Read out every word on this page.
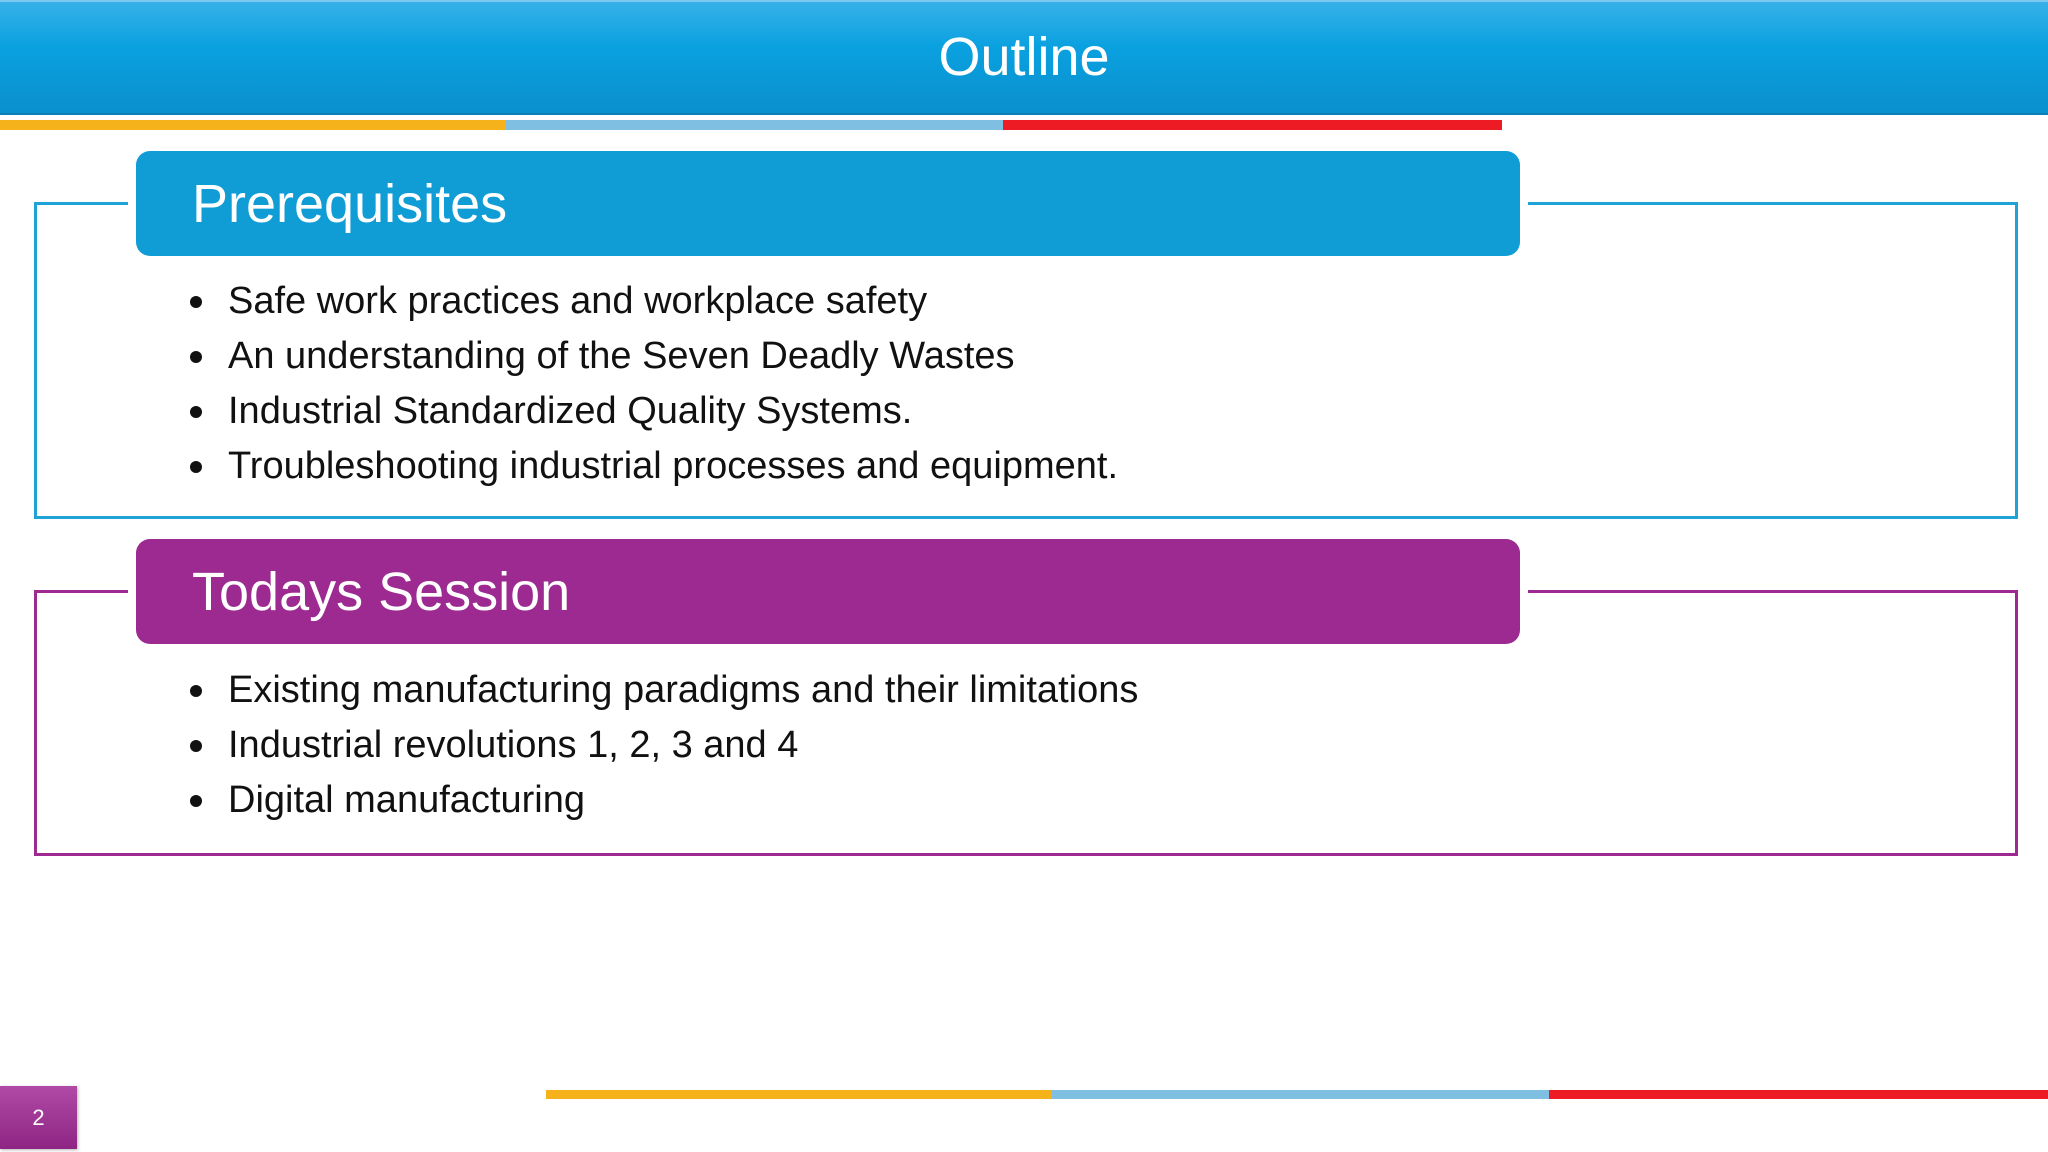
Outline
Prerequisites
Safe work practices and workplace safety
An understanding of the Seven Deadly Wastes
Industrial Standardized Quality Systems.
Troubleshooting industrial processes and equipment.
Todays Session
Existing manufacturing paradigms and their limitations
Industrial revolutions 1, 2, 3 and 4
Digital manufacturing
2
